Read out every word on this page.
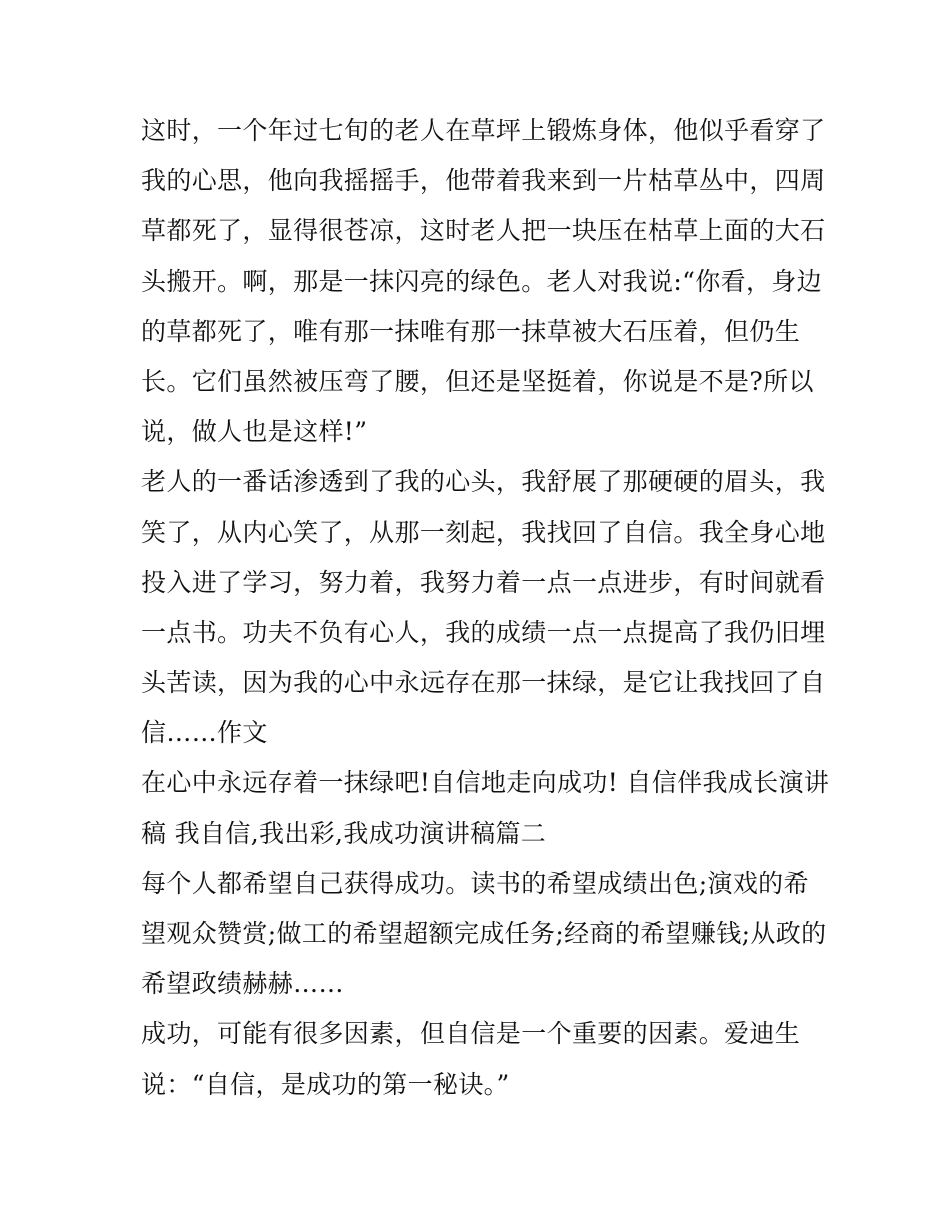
这时，一个年过七旬的老人在草坪上锻炼身体，他似乎看穿了
我的心思，他向我摇摇手，他带着我来到一片枯草丛中，四周
草都死了，显得很苍凉，这时老人把一块压在枯草上面的大石
头搬开。啊，那是一抹闪亮的绿色。老人对我说:“你看，身边
的草都死了，唯有那一抹唯有那一抹草被大石压着，但仍生
长。它们虽然被压弯了腰，但还是坚挺着，你说是不是?所以
说，做人也是这样!”
老人的一番话渗透到了我的心头，我舒展了那硬硬的眉头，我
笑了，从内心笑了，从那一刻起，我找回了自信。我全身心地
投入进了学习，努力着，我努力着一点一点进步，有时间就看
一点书。功夫不负有心人，我的成绩一点一点提高了我仍旧埋
头苦读，因为我的心中永远存在那一抹绿，是它让我找回了自
信……作文
在心中永远存着一抹绿吧!自信地走向成功! 自信伴我成长演讲
稿 我自信,我出彩,我成功演讲稿篇二
每个人都希望自己获得成功。读书的希望成绩出色;演戏的希
望观众赞赏;做工的希望超额完成任务;经商的希望赚钱;从政的
希望政绩赫赫……
成功，可能有很多因素，但自信是一个重要的因素。爱迪生
说：“自信，是成功的第一秘诀。”
